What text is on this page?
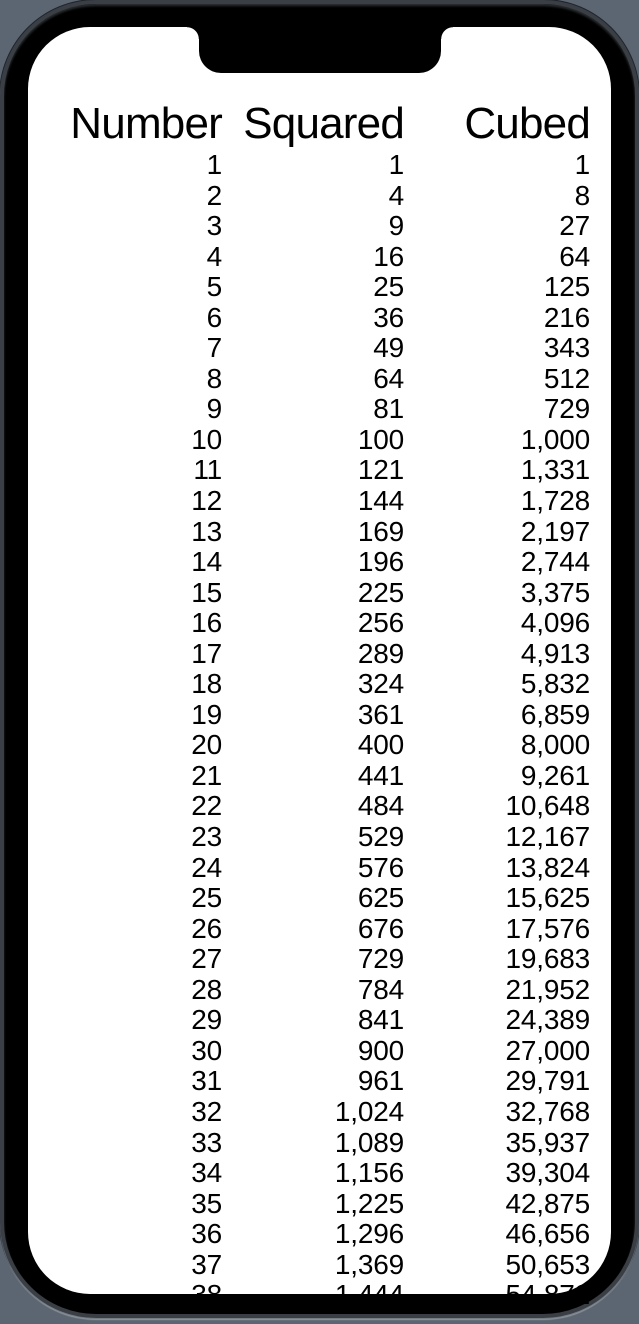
Number	Squared	Cubed
1	1	1
2	4	8
3	9	27
4	16	64
5	25	125
6	36	216
7	49	343
8	64	512
9	81	729
10	100	1,000
11	121	1,331
12	144	1,728
13	169	2,197
14	196	2,744
15	225	3,375
16	256	4,096
17	289	4,913
18	324	5,832
19	361	6,859
20	400	8,000
21	441	9,261
22	484	10,648
23	529	12,167
24	576	13,824
25	625	15,625
26	676	17,576
27	729	19,683
28	784	21,952
29	841	24,389
30	900	27,000
31	961	29,791
32	1,024	32,768
33	1,089	35,937
34	1,156	39,304
35	1,225	42,875
36	1,296	46,656
37	1,369	50,653
38	1,444	54,872
